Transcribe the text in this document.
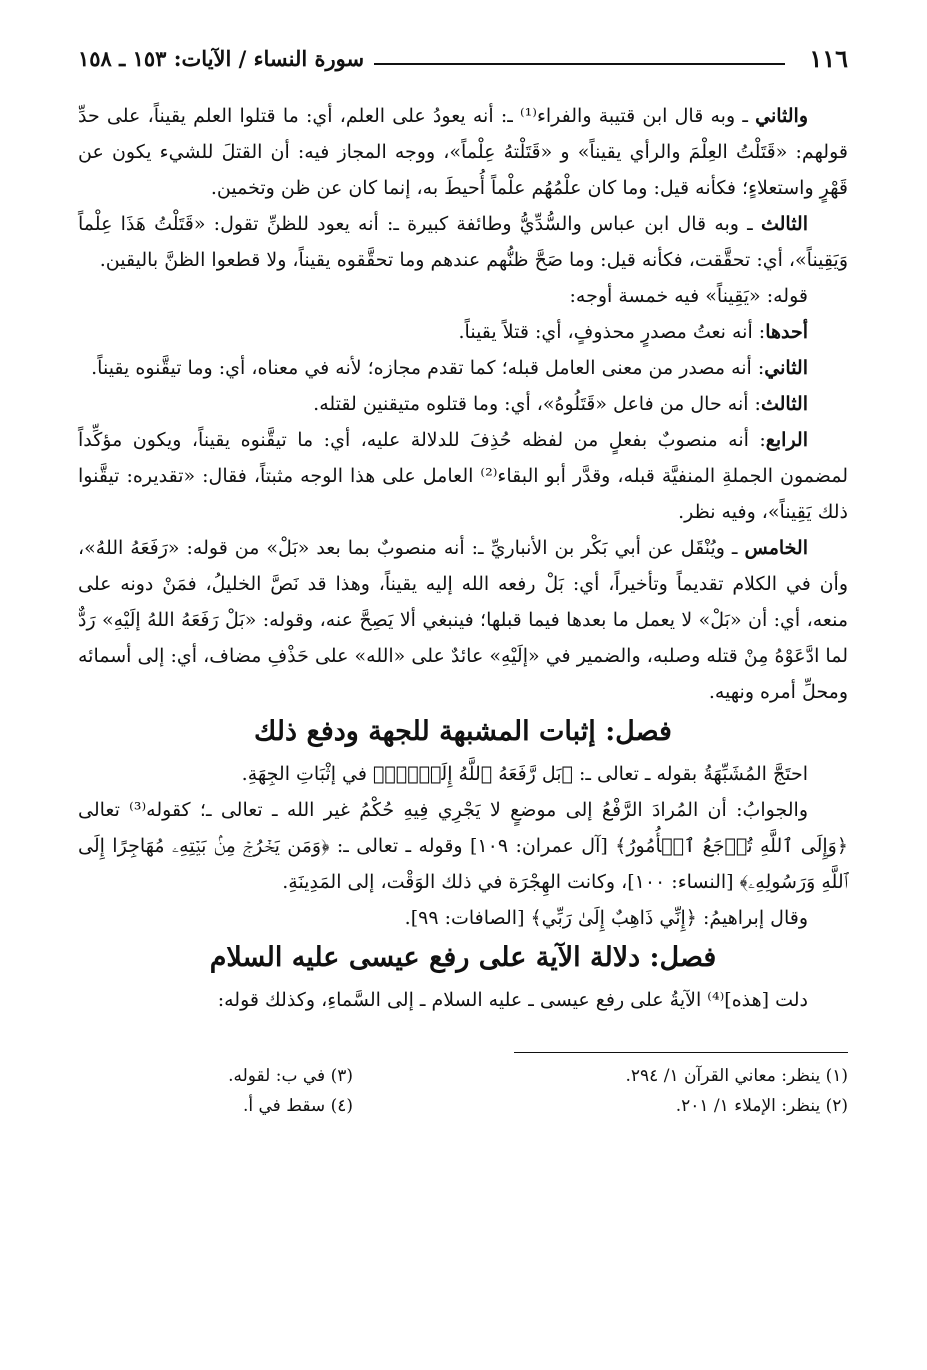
١١٦
سورة النساء / الآيات: ١٥٣ ـ ١٥٨

والثاني ـ وبه قال ابن قتيبة والفراء⁽¹⁾ ـ: أنه يعودُ على العلم، أي: ما قتلوا العلم يقيناً، على حدِّ قولهم: «قَتَلْتُ العِلْمَ والرأي يقيناً» و «قَتَلْتهُ عِلْماً»، ووجه المجاز فيه: أن القتلَ للشيء يكون عن قَهْرٍ واستعلاءٍ؛ فكأنه قيل: وما كان علْمُهُم علْماً أُحيطَ به، إنما كان عن ظن وتخمين.

الثالث ـ وبه قال ابن عباس والسُّدِّيُّ وطائفة كبيرة ـ: أنه يعود للظنِّ تقول: «قَتَلْتُ هَذَا عِلْماً وَيَقِيناً»، أي: تحقَّقت، فكأنه قيل: وما صَحَّ ظنُّهم عندهم وما تحقَّقوه يقيناً، ولا قطعوا الظنَّ باليقين.

قوله: «يَقِيناً» فيه خمسة أوجه:

أحدها: أنه نعتُ مصدرٍ محذوفٍ، أي: قتلاً يقيناً.

الثاني: أنه مصدر من معنى العامل قبله؛ كما تقدم مجازه؛ لأنه في معناه، أي: وما تيقَّنوه يقيناً.

الثالث: أنه حال من فاعل «قَتَلُوهُ»، أي: وما قتلوه متيقنين لقتله.

الرابع: أنه منصوبٌ بفعلٍ من لفظه حُذِفَ للدلالة عليه، أي: ما تيقَّنوه يقيناً، ويكون مؤكِّداً لمضمون الجملةِ المنفيَّة قبله، وقدَّر أبو البقاء⁽²⁾ العامل على هذا الوجه مثبتاً، فقال: «تقديره: تيقَّنوا ذلك يَقِيناً»، وفيه نظر.

الخامس ـ ويُنْقَل عن أبي بَكْر بن الأنباريِّ ـ: أنه منصوبٌ بما بعد «بَلْ» من قوله: «رَفَعَهُ اللهُ»، وأن في الكلام تقديماً وتأخيراً، أي: بَلْ رفعه الله إليه يقيناً، وهذا قد نَصَّ الخليلُ، فمَنْ دونه على منعه، أي: أن «بَلْ» لا يعمل ما بعدها فيما قبلها؛ فينبغي ألا يَصِحَّ عنه، وقوله: «بَلْ رَفَعَهُ اللهُ إلَيْهِ» رَدٌّ لما ادَّعَوْهُ مِنْ قتله وصلبه، والضمير في «إلَيْهِ» عائدٌ على «الله» على حَذْفِ مضاف، أي: إلى أسمائه ومحلِّ أمره ونهيه.

فصل: إثبات المشبهة للجهة ودفع ذلك

احتَجَّ المُشَبِّهَةُ بقوله ـ تعالى ـ: ﴿بَل رَّفَعَهُ ٱللَّهُ إِلَيۡهِۚ﴾ في إثْبَاتِ الجِهَةِ.

والجوابُ: أن المُرادَ الرَّفْعُ إلى موضعٍ لا يَجْرِي فِيهِ حُكْمُ غير الله ـ تعالى ـ؛ كقوله⁽³⁾ تعالى ﴿وَإِلَى ٱللَّهِ تُرۡجَعُ ٱلۡأُمُورُ﴾ [آل عمران: ١٠٩] وقوله ـ تعالى ـ: ﴿وَمَن يَخۡرُجۡ مِنۢ بَيۡتِهِۦ مُهَاجِرًا إِلَى ٱللَّهِ وَرَسُولِهِۦ﴾ [النساء: ١٠٠]، وكانت الهِجْرَة في ذلك الوَقْت، إلى المَدِينَةِ.

وقال إبراهيمُ: ﴿إِنِّي ذَاهِبٌ إِلَىٰ رَبِّي﴾ [الصافات: ٩٩].

فصل: دلالة الآية على رفع عيسى عليه السلام

دلت [هذه]⁽⁴⁾ الآيةُ على رفع عيسى ـ عليه السلام ـ إلى السَّماءِ، وكذلك قوله:

(١) ينظر: معاني القرآن ١/ ٢٩٤.
(٣) في ب: لقوله.
(٢) ينظر: الإملاء ١/ ٢٠١.
(٤) سقط في أ.
